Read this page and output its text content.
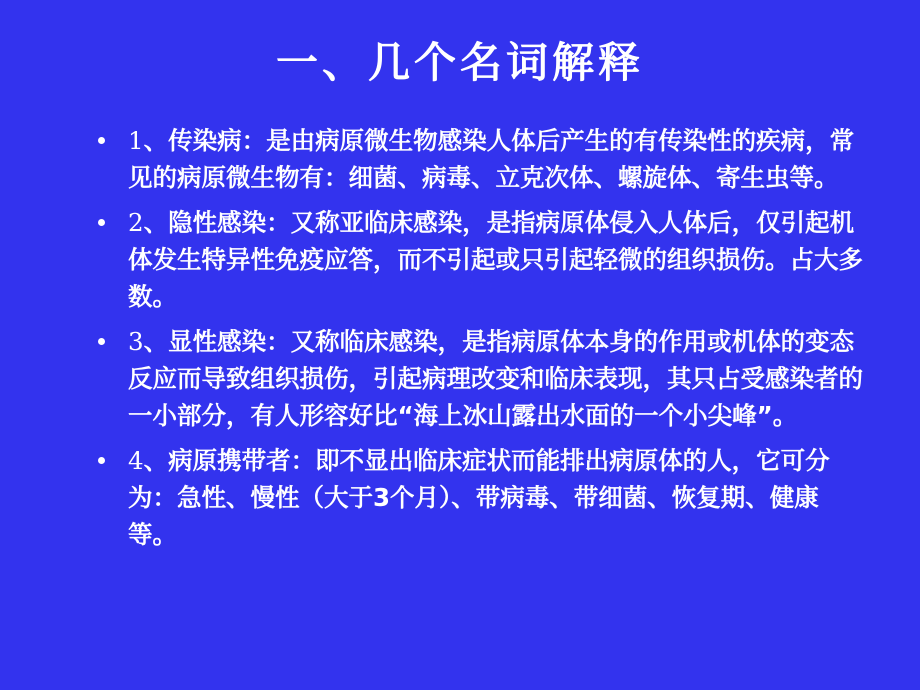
一、几个名词解释
1、传染病：是由病原微生物感染人体后产生的有传染性的疾病，常见的病原微生物有：细菌、病毒、立克次体、螺旋体、寄生虫等。
2、隐性感染：又称亚临床感染，是指病原体侵入人体后，仅引起机体发生特异性免疫应答，而不引起或只引起轻微的组织损伤。占大多数。
3、显性感染：又称临床感染，是指病原体本身的作用或机体的变态反应而导致组织损伤，引起病理改变和临床表现，其只占受感染者的一小部分，有人形容好比“海上冰山露出水面的一个小尖峰”。
4、病原携带者：即不显出临床症状而能排出病原体的人，它可分为：急性、慢性（大于3个月）、带病毒、带细菌、恢复期、健康等。
